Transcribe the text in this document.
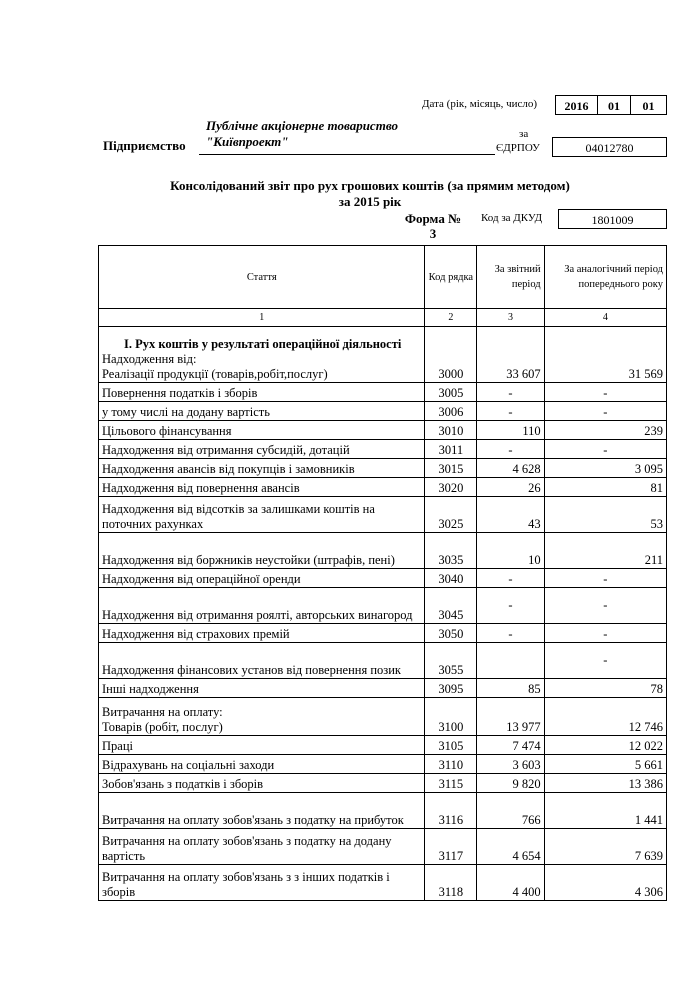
Дата (рік, місяць, число)	2016	01	01
Підприємство
Публічне акціонерне товариство
"Київпроект"	за
ЄДРПОУ	04012780
Консолідований звіт про рух грошових коштів (за прямим методом)
за 2015 рік
Форма №
3
Код за ДКУД	1801009
Стаття	Код рядка	За звітний період	За аналогічний період попереднього року
1	2	3	4

І. Рух коштів у результаті операційної діяльності
Надходження від:
Реалізації продукції (товарів,робіт,послуг)	3000	33 607	31 569

Повернення податків і зборів	3005	-	-

у тому числі на додану вартість	3006	-	-

Цільового фінансування	3010	110	239

Надходження від отримання субсидій, дотацій	3011	-	-

Надходження авансів від покупців і замовників	3015	4 628	3 095

Надходження від повернення авансів	3020	26	81

Надходження від відсотків за залишками коштів на поточних рахунках	3025	43	53

Надходження від боржників неустойки (штрафів, пені)	3035	10	211

Надходження від операційної оренди	3040	-	-

Надходження від отримання роялті, авторських винагород	3045	-	-

Надходження від страхових премій	3050	-	-

Надходження фінансових установ від повернення позик	3055		-

Інші надходження	3095	85	78

Витрачання на оплату:
Товарів (робіт, послуг)	3100	13 977	12 746

Праці	3105	7 474	12 022

Відрахувань на соціальні заходи	3110	3 603	5 661

Зобов'язань з податків і зборів	3115	9 820	13 386

Витрачання на оплату зобов'язань з податку на прибуток	3116	766	1 441

Витрачання на оплату зобов'язань з податку на додану вартість	3117	4 654	7 639

Витрачання на оплату зобов'язань з з інших податків і зборів	3118	4 400	4 306
